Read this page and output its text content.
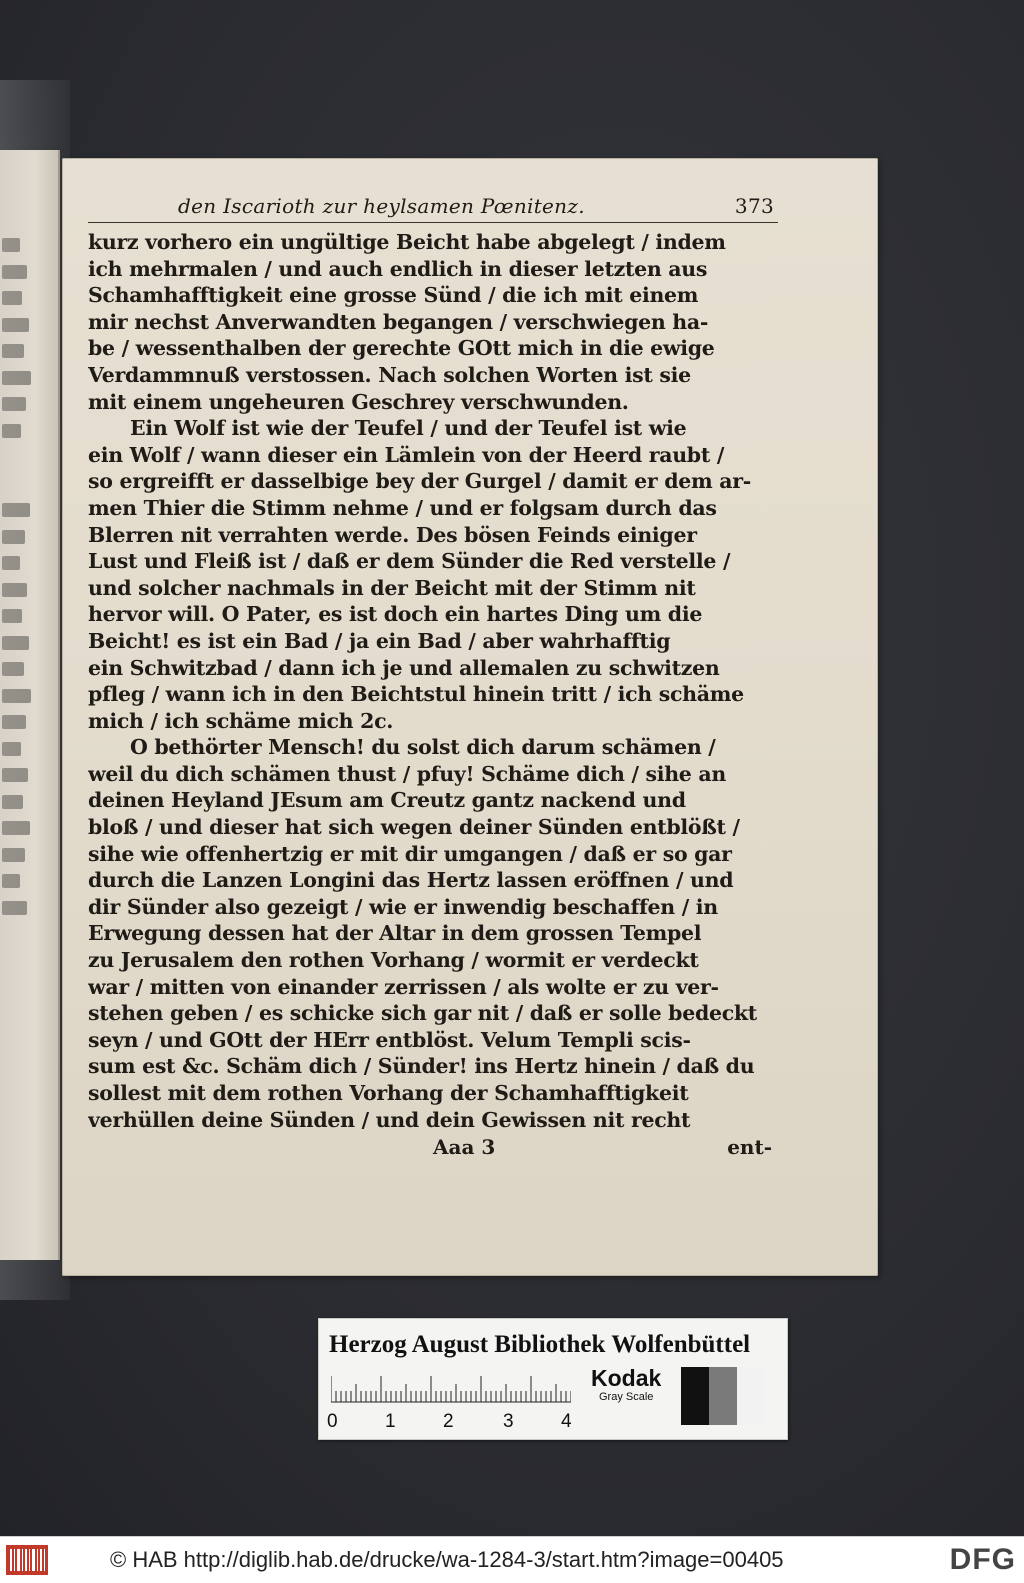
den Iscarioth zur heylsamen Pœnitenz.	373
kurz vorhero ein ungültige Beicht habe abgelegt / indem
ich mehrmalen / und auch endlich in dieser letzten aus
Schamhafftigkeit eine grosse Sünd / die ich mit einem
mir nechst Anverwandten begangen / verschwiegen ha-
be / wessenthalben der gerechte GOtt mich in die ewige
Verdammnuß verstossen. Nach solchen Worten ist sie
mit einem ungeheuren Geschrey verschwunden.
Ein Wolf ist wie der Teufel / und der Teufel ist wie
ein Wolf / wann dieser ein Lämlein von der Heerd raubt /
so ergreifft er dasselbige bey der Gurgel / damit er dem ar-
men Thier die Stimm nehme / und er folgsam durch das
Blerren nit verrahten werde. Des bösen Feinds einiger
Lust und Fleiß ist / daß er dem Sünder die Red verstelle /
und solcher nachmals in der Beicht mit der Stimm nit
hervor will. O Pater, es ist doch ein hartes Ding um die
Beicht! es ist ein Bad / ja ein Bad / aber wahrhafftig
ein Schwitzbad / dann ich je und allemalen zu schwitzen
pfleg / wann ich in den Beichtstul hinein tritt / ich schäme
mich / ich schäme mich 2c.
O bethörter Mensch! du solst dich darum schämen /
weil du dich schämen thust / pfuy! Schäme dich / sihe an
deinen Heyland JEsum am Creutz gantz nackend und
bloß / und dieser hat sich wegen deiner Sünden entblößt /
sihe wie offenhertzig er mit dir umgangen / daß er so gar
durch die Lanzen Longini das Hertz lassen eröffnen / und
dir Sünder also gezeigt / wie er inwendig beschaffen / in
Erwegung dessen hat der Altar in dem grossen Tempel
zu Jerusalem den rothen Vorhang / wormit er verdeckt
war / mitten von einander zerrissen / als wolte er zu ver-
stehen geben / es schicke sich gar nit / daß er solle bedeckt
seyn / und GOtt der HErr entblöst. Velum Templi scis-
sum est &c. Schäm dich / Sünder! ins Hertz hinein / daß du
sollest mit dem rothen Vorhang der Schamhafftigkeit
verhüllen deine Sünden / und dein Gewissen nit recht
Aaa 3	ent-
Herzog August Bibliothek Wolfenbüttel
0 1 2	3 4
Kodak
Gray Scale
© HAB http://diglib.hab.de/drucke/wa-1284-3/start.htm?image=00405	DFG
